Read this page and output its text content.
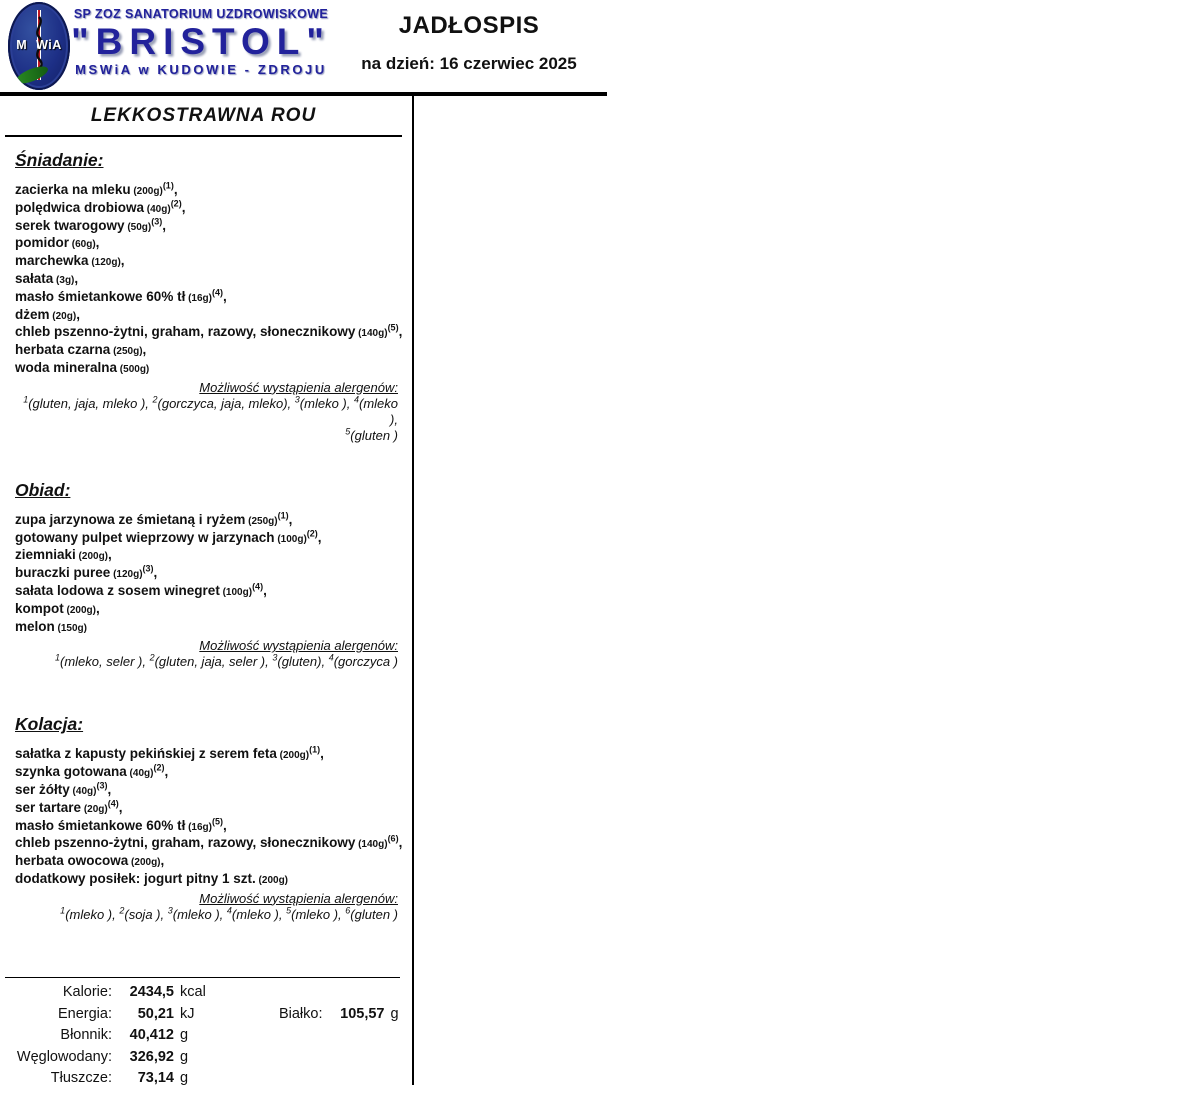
M WiA
SP ZOZ SANATORIUM UZDROWISKOWE
"BRISTOL"
MSWiA w KUDOWIE - ZDROJU
JADŁOSPIS
na dzień: 16 czerwiec 2025
LEKKOSTRAWNA ROU
Śniadanie:
zacierka na mleku $(200g)^{(1)}$,
polędwica drobiowa $(40g)^{(2)}$,
serek twarogowy $(50g)^{(3)}$,
pomidor (60g),
marchewka (120g),
sałata (3g),
masło śmietankowe 60% tł $(16g)^{(4)}$,
dżem (20g),
chleb pszenno-żytni, graham, razowy, słonecznikowy $(140g)^{(5)}$,
herbata czarna (250g),
woda mineralna (500g)
Możliwość wystąpienia alergenów:
$^1$(gluten, jaja, mleko ), $^2$(gorczyca, jaja, mleko), $^3$(mleko ), $^4$(mleko ),
$^5$(gluten )
Obiad:
zupa jarzynowa ze śmietaną i ryżem $(250g)^{(1)}$,
gotowany pulpet wieprzowy w jarzynach $(100g)^{(2)}$,
ziemniaki (200g),
buraczki puree $(120g)^{(3)}$,
sałata lodowa z sosem winegret $(100g)^{(4)}$,
kompot (200g),
melon (150g)
Możliwość wystąpienia alergenów:
$^1$(mleko, seler ), $^2$(gluten, jaja, seler ), $^3$(gluten), $^4$(gorczyca )
Kolacja:
sałatka z kapusty pekińskiej z serem feta $(200g)^{(1)}$,
szynka gotowana $(40g)^{(2)}$,
ser żółty $(40g)^{(3)}$,
ser tartare $(20g)^{(4)}$,
masło śmietankowe 60% tł $(16g)^{(5)}$,
chleb pszenno-żytni, graham, razowy, słonecznikowy $(140g)^{(6)}$,
herbata owocowa (200g),
dodatkowy posiłek: jogurt pitny 1 szt. (200g)
Możliwość wystąpienia alergenów:
$^1$(mleko ), $^2$(soja ), $^3$(mleko ), $^4$(mleko ), $^5$(mleko ), $^6$(gluten )
Kalorie:	2434,5 kcal
Energia:	50,21 kJ	Białko:	105,57 g
Błonnik:	40,412 g
Węglowodany:	326,92 g
Tłuszcze:	73,14 g
